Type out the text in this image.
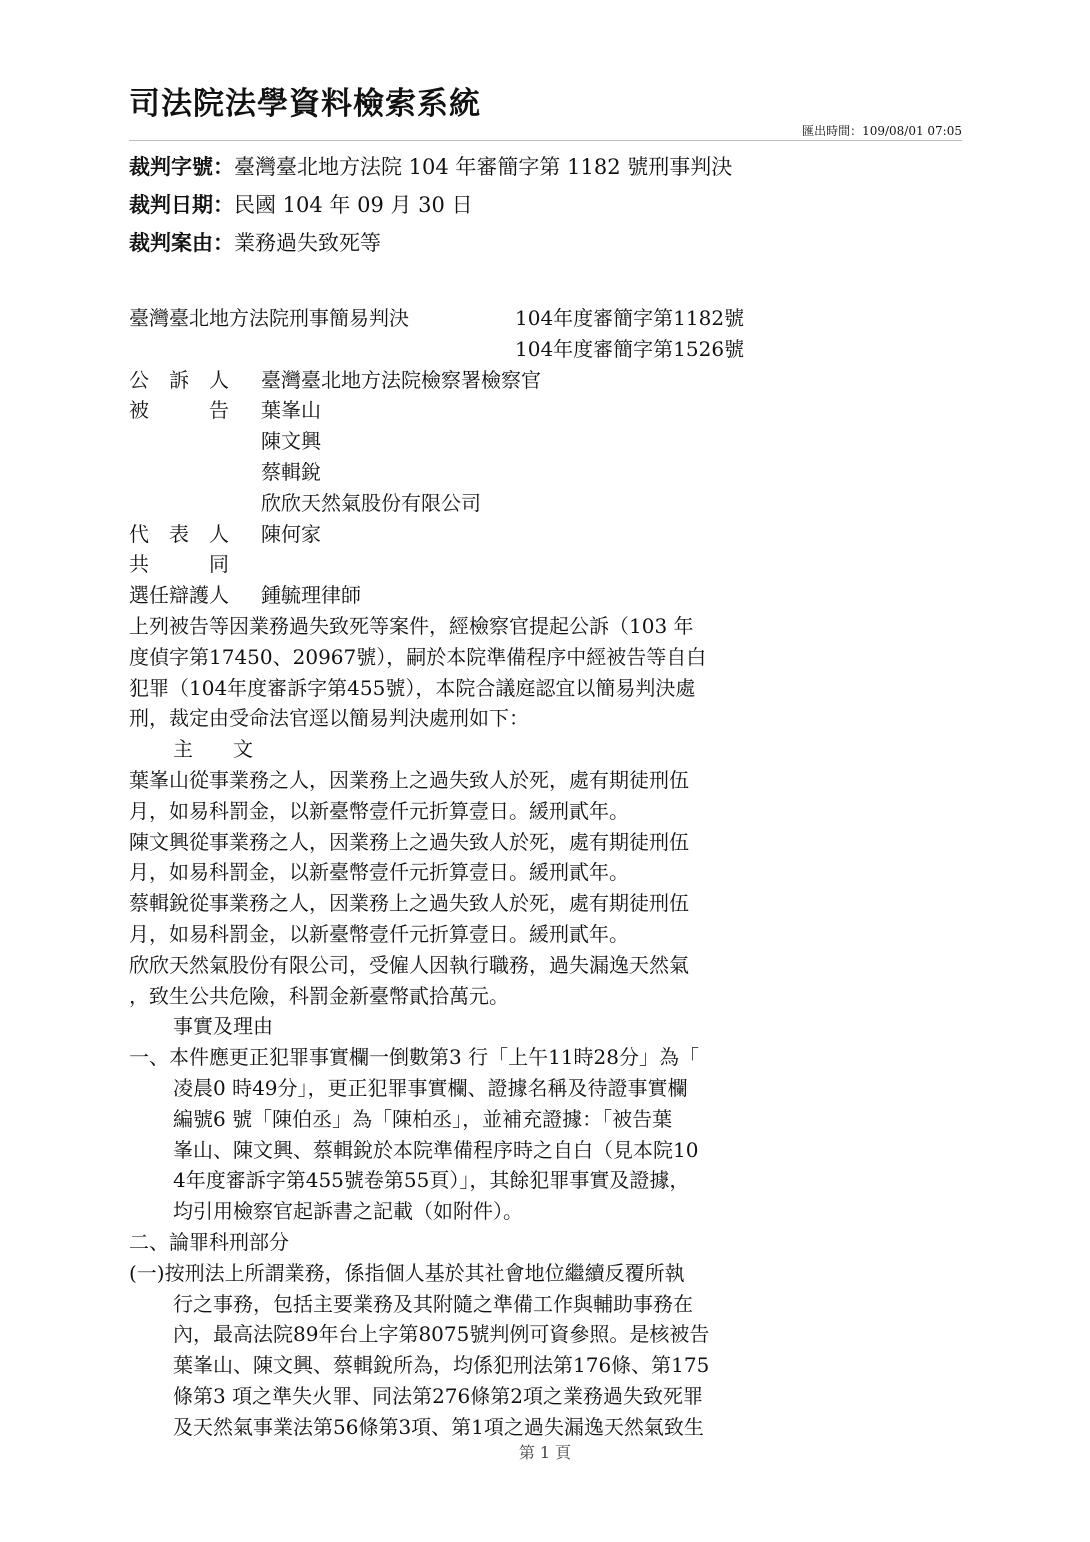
司法院法學資料檢索系統
匯出時間：109/08/01 07:05
裁判字號：臺灣臺北地方法院 104 年審簡字第 1182 號刑事判決
裁判日期：民國 104 年 09 月 30 日
裁判案由：業務過失致死等
臺灣臺北地方法院刑事簡易判決	104年度審簡字第1182號
104年度審簡字第1526號
公　訴　人 臺灣臺北地方法院檢察署檢察官
被　　　告 葉峯山
陳文興
蔡輯銳
欣欣天然氣股份有限公司
代　表　人 陳何家
共　　　同
選任辯護人 鍾毓理律師
上列被告等因業務過失致死等案件，經檢察官提起公訴（103 年
度偵字第17450、20967號），嗣於本院準備程序中經被告等自白
犯罪（104年度審訴字第455號），本院合議庭認宜以簡易判決處
刑，裁定由受命法官逕以簡易判決處刑如下：
主　　文
葉峯山從事業務之人，因業務上之過失致人於死，處有期徒刑伍
月，如易科罰金，以新臺幣壹仟元折算壹日。緩刑貳年。
陳文興從事業務之人，因業務上之過失致人於死，處有期徒刑伍
月，如易科罰金，以新臺幣壹仟元折算壹日。緩刑貳年。
蔡輯銳從事業務之人，因業務上之過失致人於死，處有期徒刑伍
月，如易科罰金，以新臺幣壹仟元折算壹日。緩刑貳年。
欣欣天然氣股份有限公司，受僱人因執行職務，過失漏逸天然氣
，致生公共危險，科罰金新臺幣貳拾萬元。
事實及理由
一、本件應更正犯罪事實欄一倒數第3 行「上午11時28分」為「
凌晨0 時49分」，更正犯罪事實欄、證據名稱及待證事實欄
編號6 號「陳伯丞」為「陳柏丞」，並補充證據：「被告葉
峯山、陳文興、蔡輯銳於本院準備程序時之自白（見本院10
4年度審訴字第455號卷第55頁）」，其餘犯罪事實及證據，
均引用檢察官起訴書之記載（如附件）。
二、論罪科刑部分
(一)按刑法上所謂業務，係指個人基於其社會地位繼續反覆所執
行之事務，包括主要業務及其附隨之準備工作與輔助事務在
內，最高法院89年台上字第8075號判例可資參照。是核被告
葉峯山、陳文興、蔡輯銳所為，均係犯刑法第176條、第175
條第3 項之準失火罪、同法第276條第2項之業務過失致死罪
及天然氣事業法第56條第3項、第1項之過失漏逸天然氣致生
第 1 頁
